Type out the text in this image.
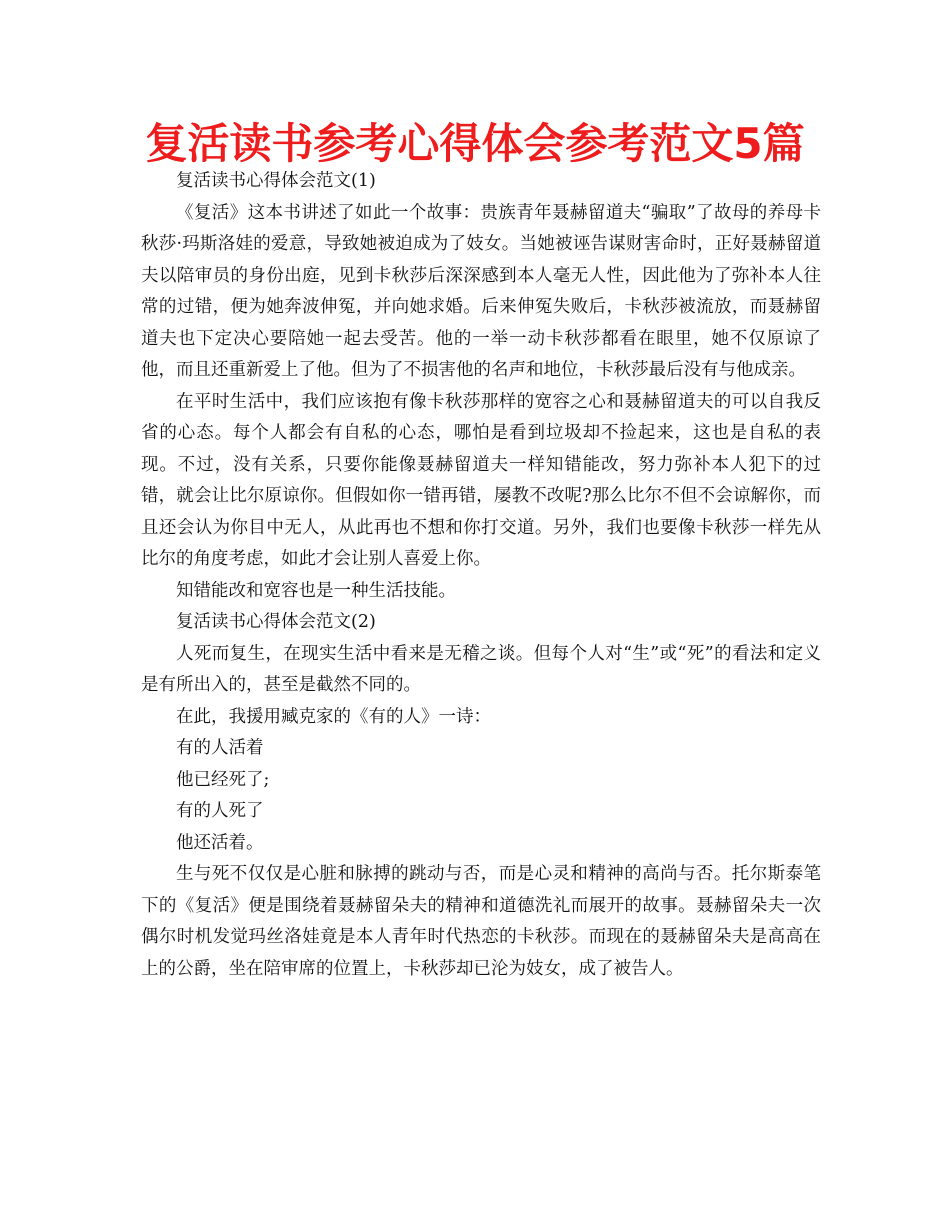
复活读书参考心得体会参考范文5篇

复活读书心得体会范文(1)

《复活》这本书讲述了如此一个故事：贵族青年聂赫留道夫“骗取”了故母的养母卡秋莎·玛斯洛娃的爱意，导致她被迫成为了妓女。当她被诬告谋财害命时，正好聂赫留道夫以陪审员的身份出庭，见到卡秋莎后深深感到本人毫无人性，因此他为了弥补本人往常的过错，便为她奔波伸冤，并向她求婚。后来伸冤失败后，卡秋莎被流放，而聂赫留道夫也下定决心要陪她一起去受苦。他的一举一动卡秋莎都看在眼里，她不仅原谅了他，而且还重新爱上了他。但为了不损害他的名声和地位，卡秋莎最后没有与他成亲。

在平时生活中，我们应该抱有像卡秋莎那样的宽容之心和聂赫留道夫的可以自我反省的心态。每个人都会有自私的心态，哪怕是看到垃圾却不捡起来，这也是自私的表现。不过，没有关系，只要你能像聂赫留道夫一样知错能改，努力弥补本人犯下的过错，就会让比尔原谅你。但假如你一错再错，屡教不改呢?那么比尔不但不会谅解你，而且还会认为你目中无人，从此再也不想和你打交道。另外，我们也要像卡秋莎一样先从比尔的角度考虑，如此才会让别人喜爱上你。

知错能改和宽容也是一种生活技能。

复活读书心得体会范文(2)

人死而复生，在现实生活中看来是无稽之谈。但每个人对“生”或“死”的看法和定义是有所出入的，甚至是截然不同的。

在此，我援用臧克家的《有的人》一诗：

有的人活着

他已经死了;

有的人死了

他还活着。

生与死不仅仅是心脏和脉搏的跳动与否，而是心灵和精神的高尚与否。托尔斯泰笔下的《复活》便是围绕着聂赫留朵夫的精神和道德洗礼而展开的故事。聂赫留朵夫一次偶尔时机发觉玛丝洛娃竟是本人青年时代热恋的卡秋莎。而现在的聂赫留朵夫是高高在上的公爵，坐在陪审席的位置上，卡秋莎却已沦为妓女，成了被告人。
